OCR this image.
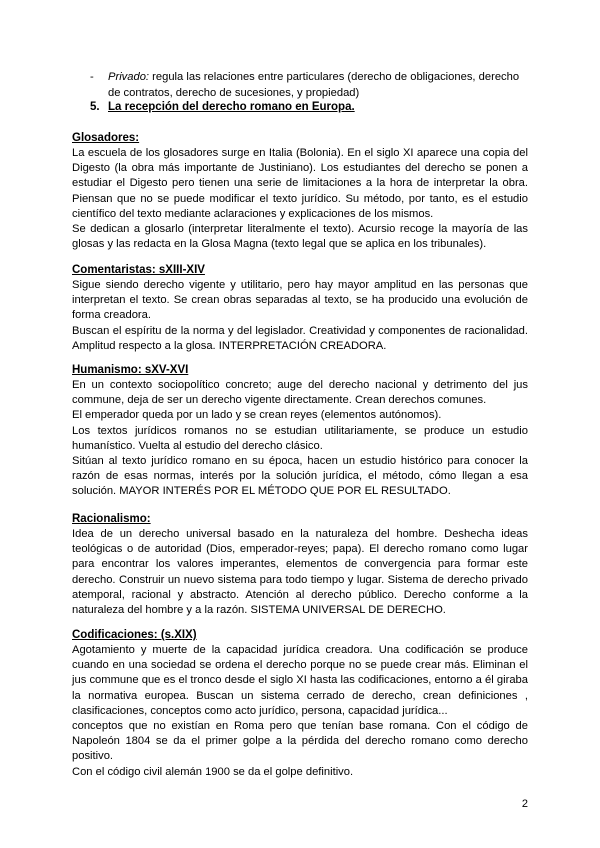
- Privado: regula las relaciones entre particulares (derecho de obligaciones, derecho de contratos, derecho de sucesiones, y propiedad)
5. La recepción del derecho romano en Europa.

Glosadores:

La escuela de los glosadores surge en Italia (Bolonia). En el siglo XI aparece una copia del Digesto (la obra más importante de Justiniano). Los estudiantes del derecho se ponen a estudiar el Digesto pero tienen una serie de limitaciones a la hora de interpretar la obra. Piensan que no se puede modificar el texto jurídico. Su método, por tanto, es el estudio científico del texto mediante aclaraciones y explicaciones de los mismos.

Se dedican a glosarlo (interpretar literalmente el texto). Acursio recoge la mayoría de las glosas y las redacta en la Glosa Magna (texto legal que se aplica en los tribunales).

Comentaristas: sXIII-XIV

Sigue siendo derecho vigente y utilitario, pero hay mayor amplitud en las personas que interpretan el texto. Se crean obras separadas al texto, se ha producido una evolución de forma creadora.

Buscan el espíritu de la norma y del legislador. Creatividad y componentes de racionalidad. Amplitud respecto a la glosa. INTERPRETACIÓN CREADORA.

Humanismo: sXV-XVI

En un contexto sociopolítico concreto; auge del derecho nacional y detrimento del jus commune, deja de ser un derecho vigente directamente. Crean derechos comunes.

El emperador queda por un lado y se crean reyes (elementos autónomos).

Los textos jurídicos romanos no se estudian utilitariamente, se produce un estudio humanístico. Vuelta al estudio del derecho clásico.

Sitúan al texto jurídico romano en su época, hacen un estudio histórico para conocer la razón de esas normas, interés por la solución jurídica, el método, cómo llegan a esa solución. MAYOR INTERÉS POR EL MÉTODO QUE POR EL RESULTADO.

Racionalismo:

Idea de un derecho universal basado en la naturaleza del hombre. Deshecha ideas teológicas o de autoridad (Dios, emperador-reyes; papa). El derecho romano como lugar para encontrar los valores imperantes, elementos de convergencia para formar este derecho. Construir un nuevo sistema para todo tiempo y lugar. Sistema de derecho privado atemporal, racional y abstracto. Atención al derecho público. Derecho conforme a la naturaleza del hombre y a la razón. SISTEMA UNIVERSAL DE DERECHO.

Codificaciones: (s.XIX)

Agotamiento y muerte de la capacidad jurídica creadora. Una codificación se produce cuando en una sociedad se ordena el derecho porque no se puede crear más. Eliminan el jus commune que es el tronco desde el siglo XI hasta las codificaciones, entorno a él giraba la normativa europea. Buscan un sistema cerrado de derecho, crean definiciones , clasificaciones, conceptos como acto jurídico, persona, capacidad jurídica...

conceptos que no existían en Roma pero que tenían base romana. Con el código de Napoleón 1804 se da el primer golpe a la pérdida del derecho romano como derecho positivo.

Con el código civil alemán 1900 se da el golpe definitivo.

2
